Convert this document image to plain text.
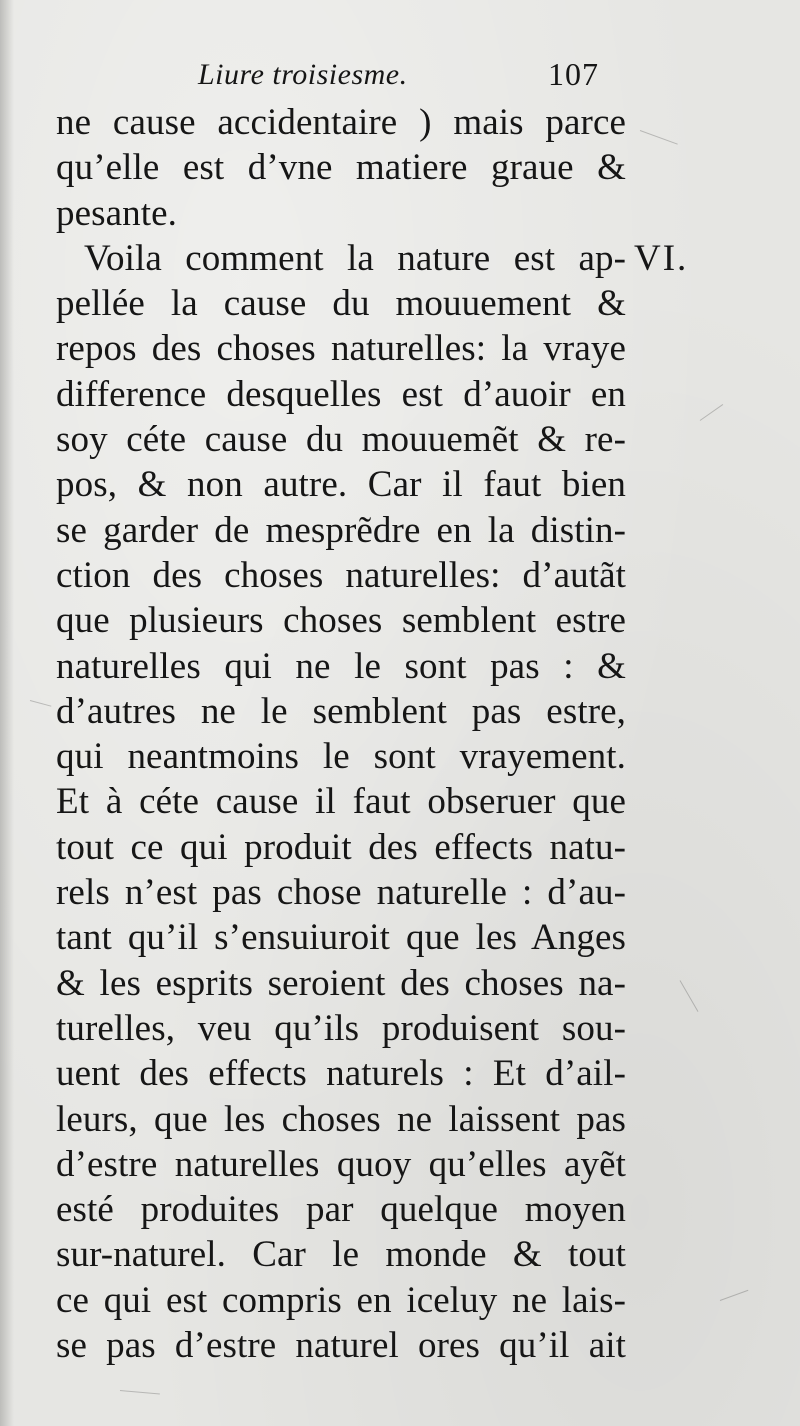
Liure troisiesme.	107
VI.
ne cause accidentaire ) mais parce
qu’elle est d’vne matiere graue &
pesante.
Voila comment la nature est ap-
pellée la cause du mouuement &
repos des choses naturelles: la vraye
difference desquelles est d’auoir en
soy céte cause du mouuemẽt & re-
pos, & non autre. Car il faut bien
se garder de mesprẽdre en la distin-
ction des choses naturelles: d’autãt
que plusieurs choses semblent estre
naturelles qui ne le sont pas : &
d’autres ne le semblent pas estre,
qui neantmoins le sont vrayement.
Et à céte cause il faut obseruer que
tout ce qui produit des effects natu-
rels n’est pas chose naturelle : d’au-
tant qu’il s’ensuiuroit que les Anges
& les esprits seroient des choses na-
turelles, veu qu’ils produisent sou-
uent des effects naturels : Et d’ail-
leurs, que les choses ne laissent pas
d’estre naturelles quoy qu’elles ayẽt
esté produites par quelque moyen
sur-naturel. Car le monde & tout
ce qui est compris en iceluy ne lais-
se pas d’estre naturel ores qu’il ait
